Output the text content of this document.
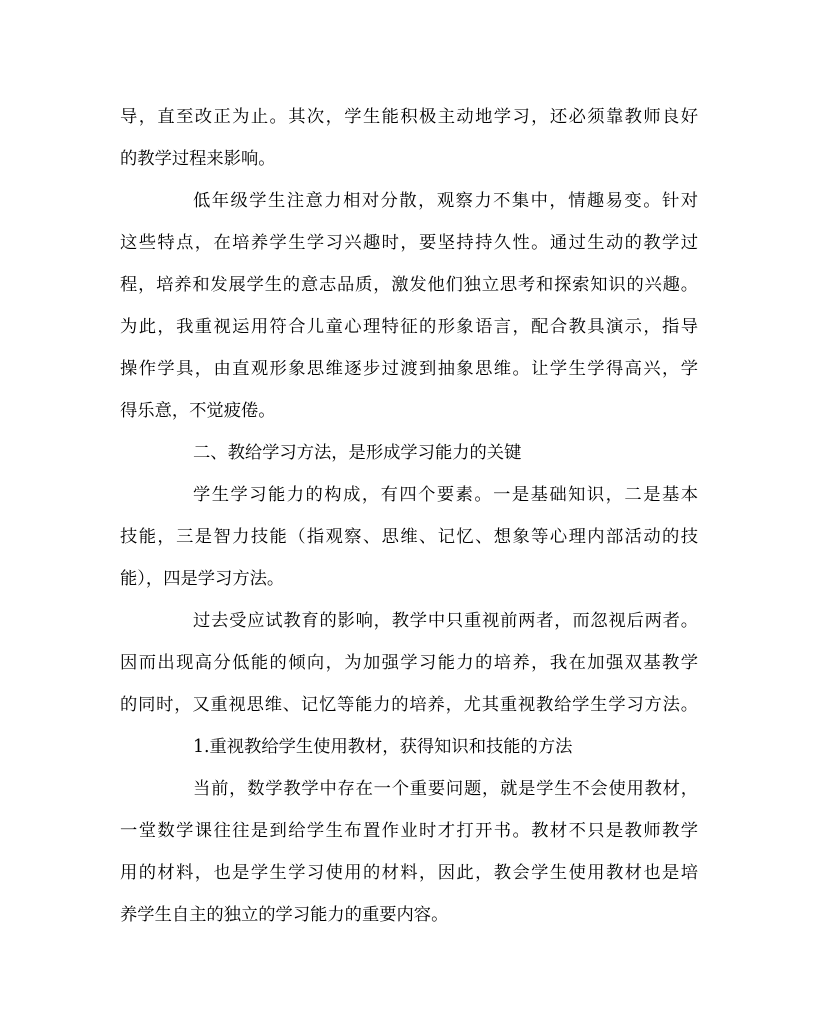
导，直至改正为止。其次，学生能积极主动地学习，还必须靠教师良好
的教学过程来影响。
低年级学生注意力相对分散，观察力不集中，情趣易变。针对
这些特点，在培养学生学习兴趣时，要坚持持久性。通过生动的教学过
程，培养和发展学生的意志品质，激发他们独立思考和探索知识的兴趣。
为此，我重视运用符合儿童心理特征的形象语言，配合教具演示，指导
操作学具，由直观形象思维逐步过渡到抽象思维。让学生学得高兴，学
得乐意，不觉疲倦。
二、教给学习方法，是形成学习能力的关键
学生学习能力的构成，有四个要素。一是基础知识，二是基本
技能，三是智力技能（指观察、思维、记忆、想象等心理内部活动的技
能），四是学习方法。
过去受应试教育的影响，教学中只重视前两者，而忽视后两者。
因而出现高分低能的倾向，为加强学习能力的培养，我在加强双基教学
的同时，又重视思维、记忆等能力的培养，尤其重视教给学生学习方法。
1.重视教给学生使用教材，获得知识和技能的方法
当前，数学教学中存在一个重要问题，就是学生不会使用教材，
一堂数学课往往是到给学生布置作业时才打开书。教材不只是教师教学
用的材料，也是学生学习使用的材料，因此，教会学生使用教材也是培
养学生自主的独立的学习能力的重要内容。
